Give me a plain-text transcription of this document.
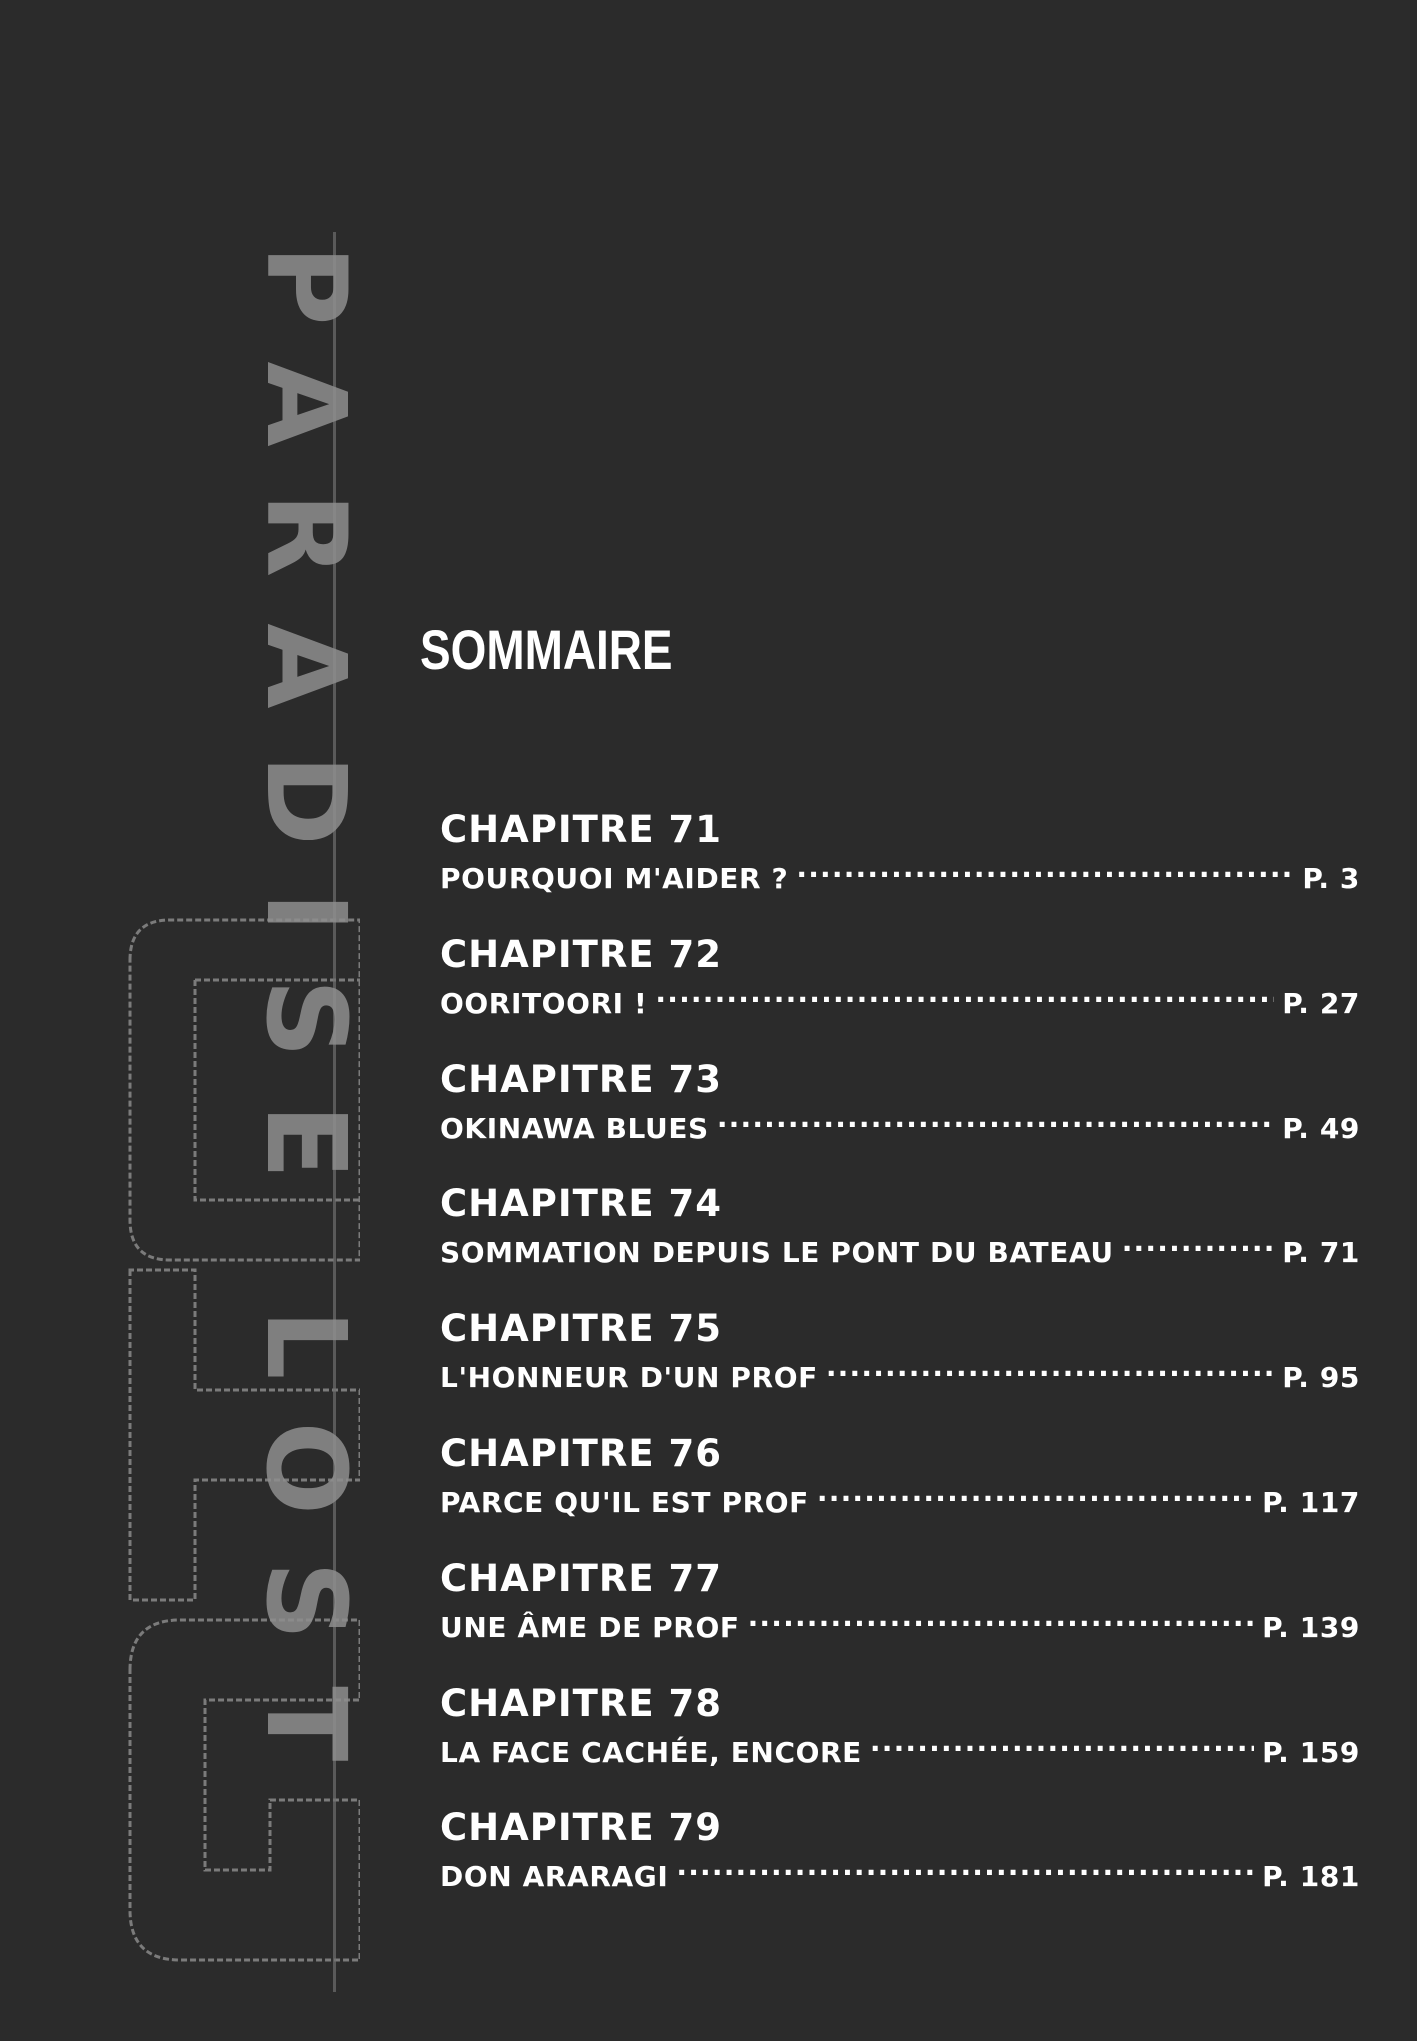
PARADISE LOST SOMMAIRE
CHAPITRE 71
POURQUOI M'AIDER ? .....	P. 3
CHAPITRE 72
OORITOORI ! .....	P. 27
CHAPITRE 73
OKINAWA BLUES .....	P. 49
CHAPITRE 74
SOMMATION DEPUIS LE PONT DU BATEAU .....	P. 71
CHAPITRE 75
L'HONNEUR D'UN PROF .....	P. 95
CHAPITRE 76
PARCE QU'IL EST PROF .....	P. 117
CHAPITRE 77
UNE ÂME DE PROF .....	P. 139
CHAPITRE 78
LA FACE CACHÉE, ENCORE .....	P. 159
CHAPITRE 79
DON ARARAGI .....	P. 181
